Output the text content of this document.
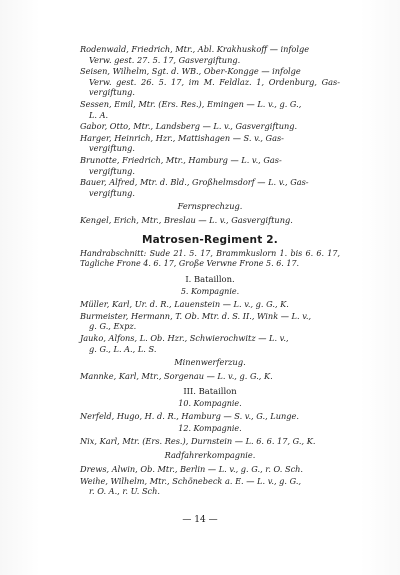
Rodenwald, Friedrich, Mtr., Abl. Krakhuskoff — infolge
Verw. gest. 27. 5. 17, Gasvergiftung.
Seisen, Wilhelm, Sgt. d. WB., Ober-Kongge — infolge
Verw. gest. 26. 5. 17, im M. Feldlaz. 1, Ordenburg, Gas-vergiftung.
Sessen, Emil, Mtr. (Ers. Res.), Emingen — L. v., g. G.,
L. A.
Gabor, Otto, Mtr., Landsberg — L. v., Gasvergiftung.
Harger, Heinrich, Hzr., Mattishagen — S. v., Gas-
vergiftung.
Brunotte, Friedrich, Mtr., Hamburg — L. v., Gas-
vergiftung.
Bauer, Alfred, Mtr. d. Bld., Großhelmsdorf — L. v., Gas-
vergiftung.
Fernsprechzug.
Kengel, Erich, Mtr., Breslau — L. v., Gasvergiftung.
Matrosen-Regiment 2.
Handrabschnitt: Sude 21. 5. 17, Brammkuslorn 1. bis 6. 6. 17, Tagliche Frone 4. 6. 17, Große Verwne Frone 5. 6. 17.
I. Bataillon.
5. Kompagnie.
Müller, Karl, Ur. d. R., Lauenstein — L. v., g. G., K.
Burmeister, Hermann, T. Ob. Mtr. d. S. II., Wink — L. v.,
g. G., Expz.
Jauko, Alfons, L. Ob. Hzr., Schwierochwitz — L. v.,
g. G., L. A., L. S.
Minenwerferzug.
Mannke, Karl, Mtr., Sorgenau — L. v., g. G., K.
III. Bataillon
10. Kompagnie.
Nerfeld, Hugo, H. d. R., Hamburg — S. v., G., Lunge.
12. Kompagnie.
Nix, Karl, Mtr. (Ers. Res.), Durnstein — L. 6. 6. 17, G., K.
Radfahrerkompagnie.
Drews, Alwin, Ob. Mtr., Berlin — L. v., g. G., r. O. Sch.
Weihe, Wilhelm, Mtr., Schönebeck a. E. — L. v., g. G.,
r. O. A., r. U. Sch.
— 14 —
